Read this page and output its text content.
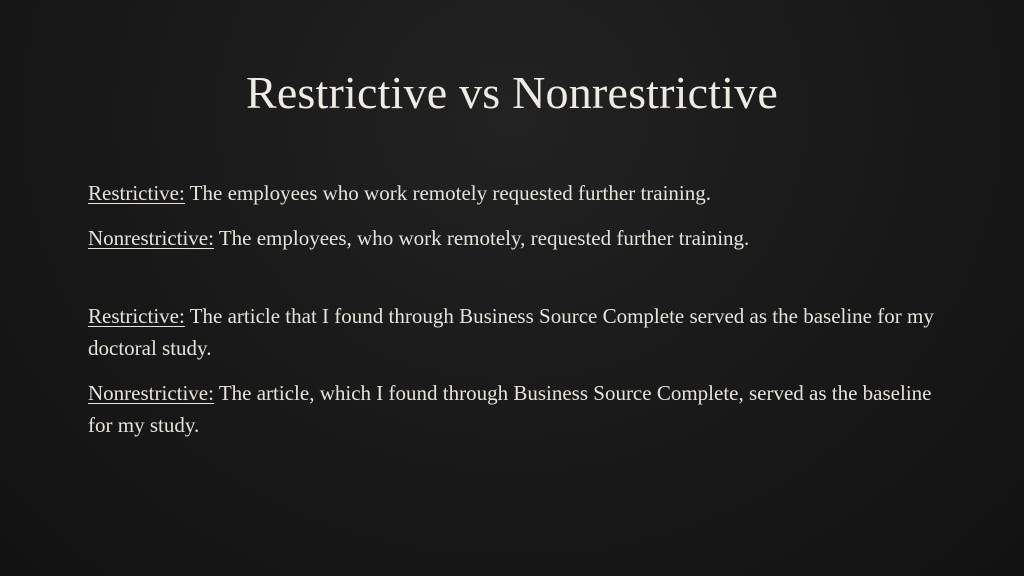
Restrictive vs Nonrestrictive

Restrictive: The employees who work remotely requested further training.

Nonrestrictive: The employees, who work remotely, requested further training.

Restrictive: The article that I found through Business Source Complete served as the baseline for my doctoral study.

Nonrestrictive: The article, which I found through Business Source Complete, served as the baseline for my study.
